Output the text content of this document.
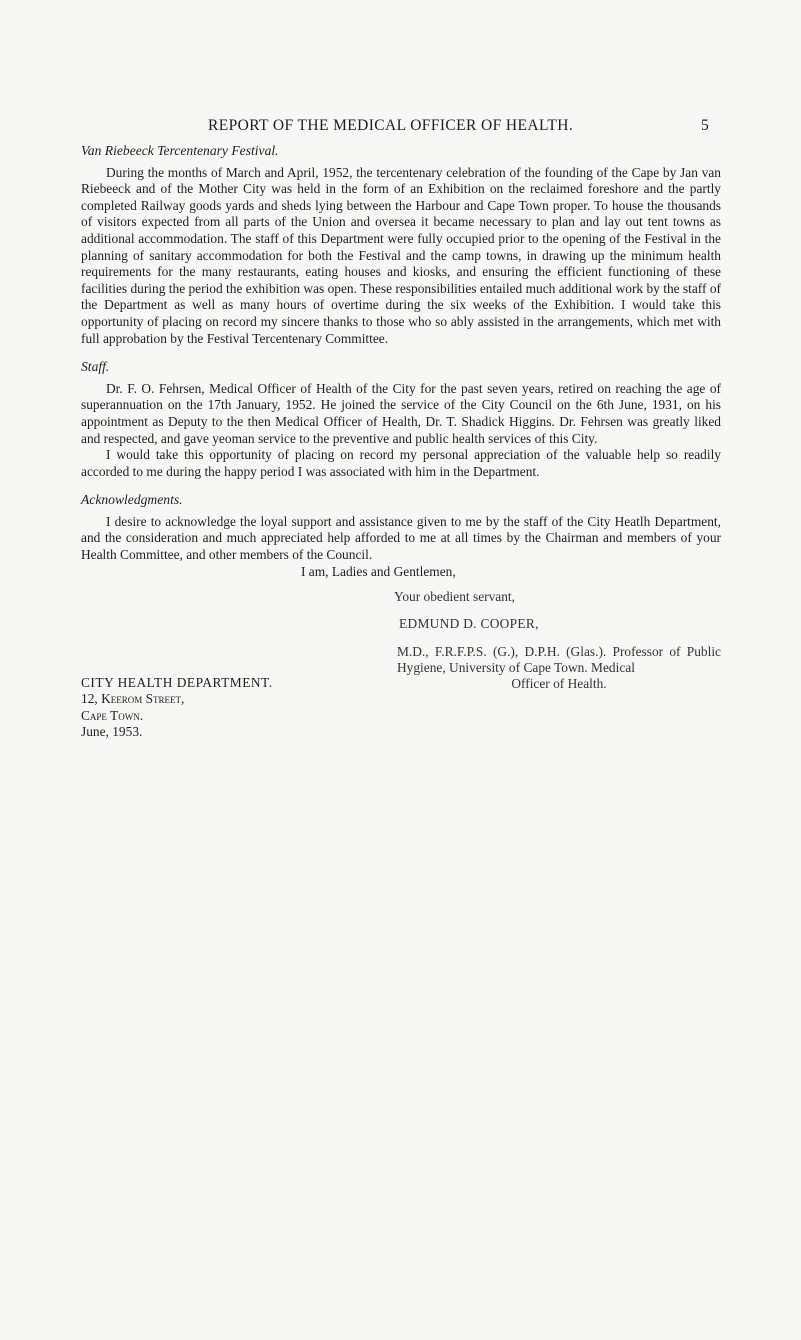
REPORT OF THE MEDICAL OFFICER OF HEALTH.	5

Van Riebeeck Tercentenary Festival.

During the months of March and April, 1952, the tercentenary celebration of the founding of the Cape by Jan van Riebeeck and of the Mother City was held in the form of an Exhibition on the reclaimed foreshore and the partly completed Railway goods yards and sheds lying between the Harbour and Cape Town proper. To house the thousands of visitors expected from all parts of the Union and oversea it became necessary to plan and lay out tent towns as additional accommodation. The staff of this Department were fully occupied prior to the opening of the Festival in the planning of sanitary accommodation for both the Festival and the camp towns, in drawing up the minimum health requirements for the many restaurants, eating houses and kiosks, and ensuring the efficient functioning of these facilities during the period the exhibition was open. These responsibilities entailed much additional work by the staff of the Department as well as many hours of overtime during the six weeks of the Exhibition. I would take this opportunity of placing on record my sincere thanks to those who so ably assisted in the arrangements, which met with full approbation by the Festival Tercentenary Committee.

Staff.

Dr. F. O. Fehrsen, Medical Officer of Health of the City for the past seven years, retired on reaching the age of superannuation on the 17th January, 1952. He joined the service of the City Council on the 6th June, 1931, on his appointment as Deputy to the then Medical Officer of Health, Dr. T. Shadick Higgins. Dr. Fehrsen was greatly liked and respected, and gave yeoman service to the preventive and public health services of this City.

I would take this opportunity of placing on record my personal appreciation of the valuable help so readily accorded to me during the happy period I was associated with him in the Department.

Acknowledgments.

I desire to acknowledge the loyal support and assistance given to me by the staff of the City Heatlh Department, and the consideration and much appreciated help afforded to me at all times by the Chairman and members of your Health Committee, and other members of the Council.

I am, Ladies and Gentlemen,

Your obedient servant,
EDMUND D. COOPER,
M.D., F.R.F.P.S. (G.), D.P.H. (Glas.). Professor of Public Hygiene, University of Cape Town. Medical
Officer of Health.
CITY HEALTH DEPARTMENT.
12, Keerom Street,
Cape Town.
June, 1953.
